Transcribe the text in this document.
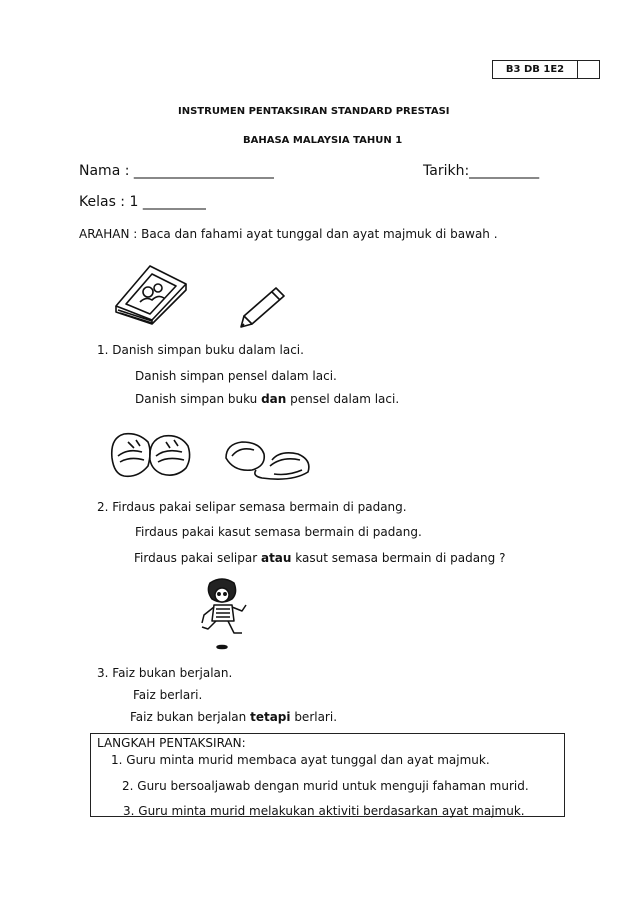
B3 DB 1E2
INSTRUMEN PENTAKSIRAN STANDARD PRESTASI
BAHASA MALAYSIA TAHUN 1
Nama : ____________________	Tarikh:__________
Kelas : 1 _________
ARAHAN : Baca dan fahami ayat tunggal dan ayat majmuk di bawah .
1. Danish simpan buku dalam laci.
Danish simpan pensel dalam laci.
Danish simpan buku dan pensel dalam laci.
2. Firdaus pakai selipar semasa bermain di padang.
Firdaus pakai kasut semasa bermain di padang.
Firdaus pakai selipar atau kasut semasa bermain di padang ?
3. Faiz bukan berjalan.
Faiz berlari.
Faiz bukan berjalan tetapi berlari.
LANGKAH PENTAKSIRAN:
1. Guru minta murid membaca ayat tunggal dan ayat majmuk.
2. Guru bersoaljawab dengan murid untuk menguji fahaman murid.
3. Guru minta murid melakukan aktiviti berdasarkan ayat majmuk.
